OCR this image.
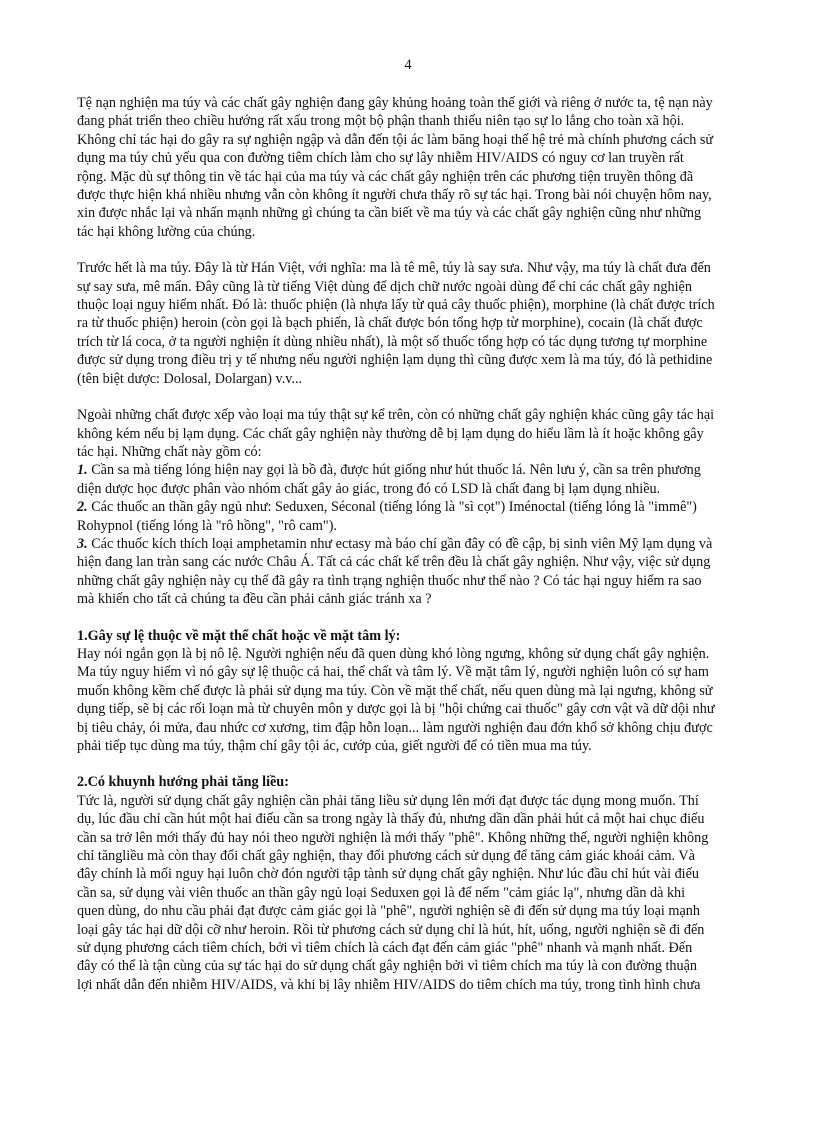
4
Tệ nạn nghiện ma túy và các chất gây nghiện đang gây khủng hoảng toàn thế giới và riêng ở nước ta, tệ nạn này
đang phát triển theo chiều hướng rất xấu trong một bộ phận thanh thiếu niên tạo sự lo lắng cho toàn xã hội.
Không chỉ tác hại do gây ra sự nghiện ngập và dẫn đến tội ác làm băng hoại thế hệ trẻ mà chính phương cách sử
dụng ma túy chủ yếu qua con đường tiêm chích làm cho sự lây nhiễm HIV/AIDS có nguy cơ lan truyền rất
rộng. Mặc dù sự thông tin về tác hại của ma túy và các chất gây nghiện trên các phương tiện truyền thông đã
được thực hiện khá nhiều nhưng vẫn còn không ít người chưa thấy rõ sự tác hại. Trong bài nói chuyện hôm nay,
xin được nhắc lại và nhấn mạnh những gì chúng ta cần biết về ma túy và các chất gây nghiện cũng như những
tác hại không lường của chúng.
Trước hết là ma túy. Đây là từ Hán Việt, với nghĩa: ma là tê mê, túy là say sưa. Như vậy, ma túy là chất đưa đến
sự say sưa, mê mẩn. Đây cũng là từ tiếng Việt dùng để dịch chữ nước ngoài dùng để chỉ các chất gây nghiện
thuộc loại nguy hiểm nhất. Đó là: thuốc phiện (là nhựa lấy từ quả cây thuốc phiện), morphine (là chất được trích
ra từ thuốc phiện) heroin (còn gọi là bạch phiến, là chất được bón tổng hợp từ morphine), cocain (là chất được
trích từ lá coca, ở ta người nghiện ít dùng nhiều nhất), là một số thuốc tổng hợp có tác dụng tương tự morphine
được sử dụng trong điều trị y tế nhưng nếu người nghiện lạm dụng thì cũng được xem là ma túy, đó là pethidine
(tên biệt dược: Dolosal, Dolargan) v.v...
Ngoài những chất được xếp vào loại ma túy thật sự kể trên, còn có những chất gây nghiện khác cũng gây tác hại
không kém nếu bị lạm dụng. Các chất gây nghiện này thường dễ bị lạm dụng do hiểu lầm là ít hoặc không gây
tác hại. Những chất này gồm có:
1. Cần sa mà tiếng lóng hiện nay gọi là bồ đà, được hút giống như hút thuốc lá. Nên lưu ý, cần sa trên phương
diện dược học được phân vào nhóm chất gây ảo giác, trong đó có LSD là chất đang bị lạm dụng nhiều.
2. Các thuốc an thần gây ngủ như: Seduxen, Séconal (tiếng lóng là "sì cọt") Iménoctal (tiếng lóng là "immê")
Rohypnol (tiếng lóng là "rô hồng", "rô cam").
3. Các thuốc kích thích loại amphetamin như ectasy mà báo chí gần đây có đề cập, bị sinh viên Mỹ lạm dụng và
hiện đang lan tràn sang các nước Châu Á. Tất cả các chất kể trên đều là chất gây nghiện. Như vậy, việc sử dụng
những chất gây nghiện này cụ thể đã gây ra tình trạng nghiện thuốc như thế nào ? Có tác hại nguy hiểm ra sao
mà khiến cho tất cả chúng ta đều cần phải cảnh giác tránh xa ?
1.Gây sự lệ thuộc về mặt thể chất hoặc về mặt tâm lý:
Hay nói ngắn gọn là bị nô lệ. Người nghiện nếu đã quen dùng khó lòng ngưng, không sử dụng chất gây nghiện.
Ma túy nguy hiểm vì nó gây sự lệ thuộc cả hai, thể chất và tâm lý. Về mặt tâm lý, người nghiện luôn có sự ham
muốn không kềm chế được là phải sử dụng ma túy. Còn về mặt thể chất, nếu quen dùng mà lại ngưng, không sử
dụng tiếp, sẽ bị các rối loạn mà từ chuyên môn y dược gọi là bị "hội chứng cai thuốc" gây cơn vật vã dữ dội như
bị tiêu chảy, ói mửa, đau nhức cơ xương, tim đập hỗn loạn... làm người nghiện đau đớn khổ sở không chịu được
phải tiếp tục dùng ma túy, thậm chí gây tội ác, cướp của, giết người để có tiền mua ma túy.
2.Có khuynh hướng phải tăng liều:
Tức là, người sử dụng chất gây nghiện cần phải tăng liều sử dụng lên mới đạt được tác dụng mong muốn. Thí
dụ, lúc đầu chỉ cần hút một hai điếu cần sa trong ngày là thấy đủ, nhưng dần dần phải hút cả một hai chục điếu
cần sa trở lên mới thấy đủ hay nói theo người nghiện là mới thấy "phê". Không những thế, người nghiện không
chỉ tăngliều mà còn thay đổi chất gây nghiện, thay đổi phương cách sử dụng để tăng cảm giác khoái cảm. Và
đây chính là mối nguy hại luôn chờ đón người tập tành sử dụng chất gây nghiện. Như lúc đầu chỉ hút vài điếu
cần sa, sử dụng vài viên thuốc an thần gây ngủ loại Seduxen gọi là để nếm "cảm giác lạ", nhưng dần dà khi
quen dùng, do nhu cầu phải đạt được cảm giác gọi là "phê", người nghiện sẽ đi đến sử dụng ma túy loại mạnh
loại gây tác hại dữ dội cỡ như heroin. Rồi từ phương cách sử dụng chỉ là hút, hít, uống, người nghiện sẽ đi đến
sử dụng phương cách tiêm chích, bởi vì tiêm chích là cách đạt đến cảm giác "phê" nhanh và mạnh nhất. Đến
đây có thể là tận cùng của sự tác hại do sử dụng chất gây nghiện bởi vì tiêm chích ma túy là con đường thuận
lợi nhất dẫn đến nhiễm HIV/AIDS, và khi bị lây nhiễm HIV/AIDS do tiêm chích ma túy, trong tình hình chưa
